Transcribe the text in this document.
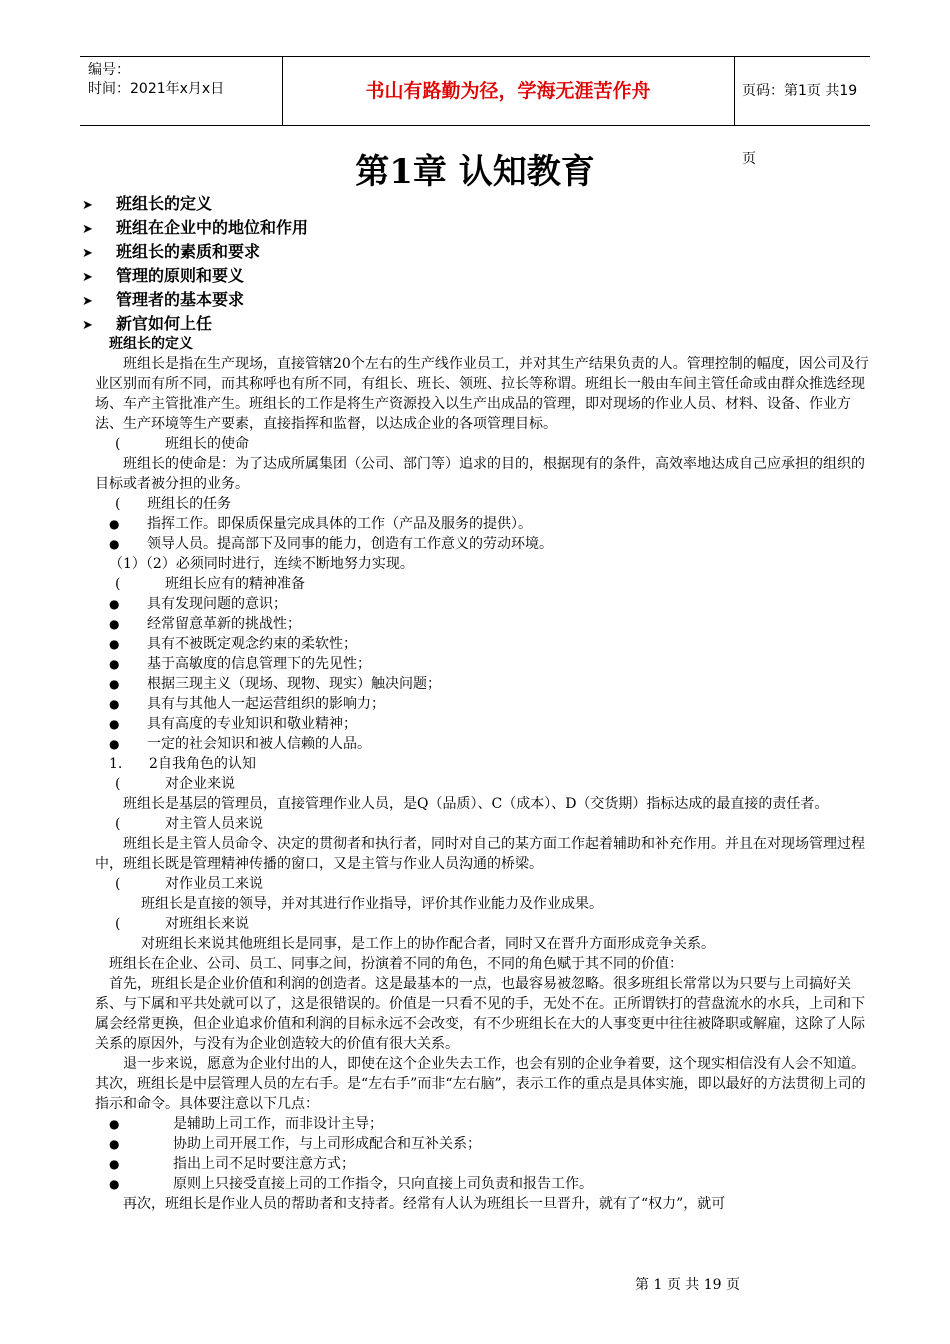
编号：
时间：2021年x月x日	书山有路勤为径，学海无涯苦作舟	页码：第1页 共19页
第1章 认知教育
➤ 班组长的定义
➤ 班组在企业中的地位和作用
➤ 班组长的素质和要求
➤ 管理的原则和要义
➤ 管理者的基本要求
➤ 新官如何上任

班组长的定义

班组长是指在生产现场，直接管辖20个左右的生产线作业员工，并对其生产结果负责的人。管理控制的幅度，因公司及行业区别而有所不同，而其称呼也有所不同，有组长、班长、领班、拉长等称谓。班组长一般由车间主管任命或由群众推选经现场、车产主管批准产生。班组长的工作是将生产资源投入以生产出成品的管理，即对现场的作业人员、材料、设备、作业方法、生产环境等生产要素，直接指挥和监督，以达成企业的各项管理目标。

(          班组长的使命

班组长的使命是：为了达成所属集团（公司、部门等）追求的目的，根据现有的条件，高效率地达成自己应承担的组织的目标或者被分担的业务。

(      班组长的任务

● 指挥工作。即保质保量完成具体的工作（产品及服务的提供）。

● 领导人员。提高部下及同事的能力，创造有工作意义的劳动环境。

（1）（2）必须同时进行，连续不断地努力实现。

(          班组长应有的精神准备

● 具有发现问题的意识；

● 经常留意革新的挑战性；

● 具有不被既定观念约束的柔软性；

● 基于高敏度的信息管理下的先见性；

● 根据三现主义（现场、现物、现实）触决问题；

● 具有与其他人一起运营组织的影响力；

● 具有高度的专业知识和敬业精神；

● 一定的社会知识和被人信赖的人品。

1.      2自我角色的认知

(          对企业来说

班组长是基层的管理员，直接管理作业人员，是Q（品质）、C（成本）、D（交货期）指标达成的最直接的责任者。

(          对主管人员来说

班组长是主管人员命令、决定的贯彻者和执行者，同时对自己的某方面工作起着辅助和补充作用。并且在对现场管理过程中，班组长既是管理精神传播的窗口，又是主管与作业人员沟通的桥梁。

(          对作业员工来说

班组长是直接的领导，并对其进行作业指导，评价其作业能力及作业成果。

(          对班组长来说

对班组长来说其他班组长是同事，是工作上的协作配合者，同时又在晋升方面形成竞争关系。

班组长在企业、公司、员工、同事之间，扮演着不同的角色，不同的角色赋于其不同的价值：

首先，班组长是企业价值和利润的创造者。这是最基本的一点，也最容易被忽略。很多班组长常常以为只要与上司搞好关系、与下属和平共处就可以了，这是很错误的。价值是一只看不见的手，无处不在。正所谓铁打的营盘流水的水兵，上司和下属会经常更换，但企业追求价值和利润的目标永远不会改变，有不少班组长在大的人事变更中往往被降职或解雇，这除了人际关系的原因外，与没有为企业创造较大的价值有很大关系。

退一步来说，愿意为企业付出的人，即使在这个企业失去工作，也会有别的企业争着要，这个现实相信没有人会不知道。其次，班组长是中层管理人员的左右手。是“左右手”而非“左右脑”，表示工作的重点是具体实施，即以最好的方法贯彻上司的指示和命令。具体要注意以下几点：

●	是辅助上司工作，而非设计主导；

●	协助上司开展工作，与上司形成配合和互补关系；

●	指出上司不足时要注意方式；

●	原则上只接受直接上司的工作指令，只向直接上司负责和报告工作。

再次，班组长是作业人员的帮助者和支持者。经常有人认为班组长一旦晋升，就有了“权力”，就可

第 1 页 共 19 页
